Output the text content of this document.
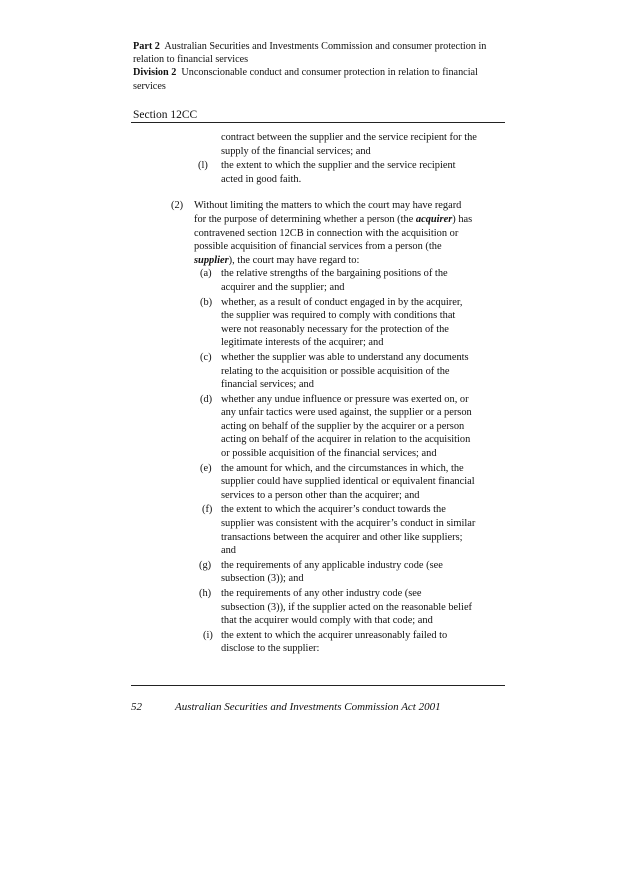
Part 2 Australian Securities and Investments Commission and consumer protection in

relation to financial services

Division 2 Unconscionable conduct and consumer protection in relation to financial

services

Section 12CC
contract between the supplier and the service recipient for the
supply of the financial services; and
(l) the extent to which the supplier and the service recipient
acted in good faith.
(2) Without limiting the matters to which the court may have regard
for the purpose of determining whether a person (the acquirer) has
contravened section 12CB in connection with the acquisition or
possible acquisition of financial services from a person (the
supplier), the court may have regard to:
(a) the relative strengths of the bargaining positions of the
acquirer and the supplier; and
(b) whether, as a result of conduct engaged in by the acquirer,
the supplier was required to comply with conditions that
were not reasonably necessary for the protection of the
legitimate interests of the acquirer; and
(c) whether the supplier was able to understand any documents
relating to the acquisition or possible acquisition of the
financial services; and
(d) whether any undue influence or pressure was exerted on, or
any unfair tactics were used against, the supplier or a person
acting on behalf of the supplier by the acquirer or a person
acting on behalf of the acquirer in relation to the acquisition
or possible acquisition of the financial services; and
(e) the amount for which, and the circumstances in which, the
supplier could have supplied identical or equivalent financial
services to a person other than the acquirer; and
(f) the extent to which the acquirer’s conduct towards the
supplier was consistent with the acquirer’s conduct in similar
transactions between the acquirer and other like suppliers;
and
(g) the requirements of any applicable industry code (see
subsection (3)); and
(h) the requirements of any other industry code (see
subsection (3)), if the supplier acted on the reasonable belief
that the acquirer would comply with that code; and
(i) the extent to which the acquirer unreasonably failed to
disclose to the supplier:
52	Australian Securities and Investments Commission Act 2001
